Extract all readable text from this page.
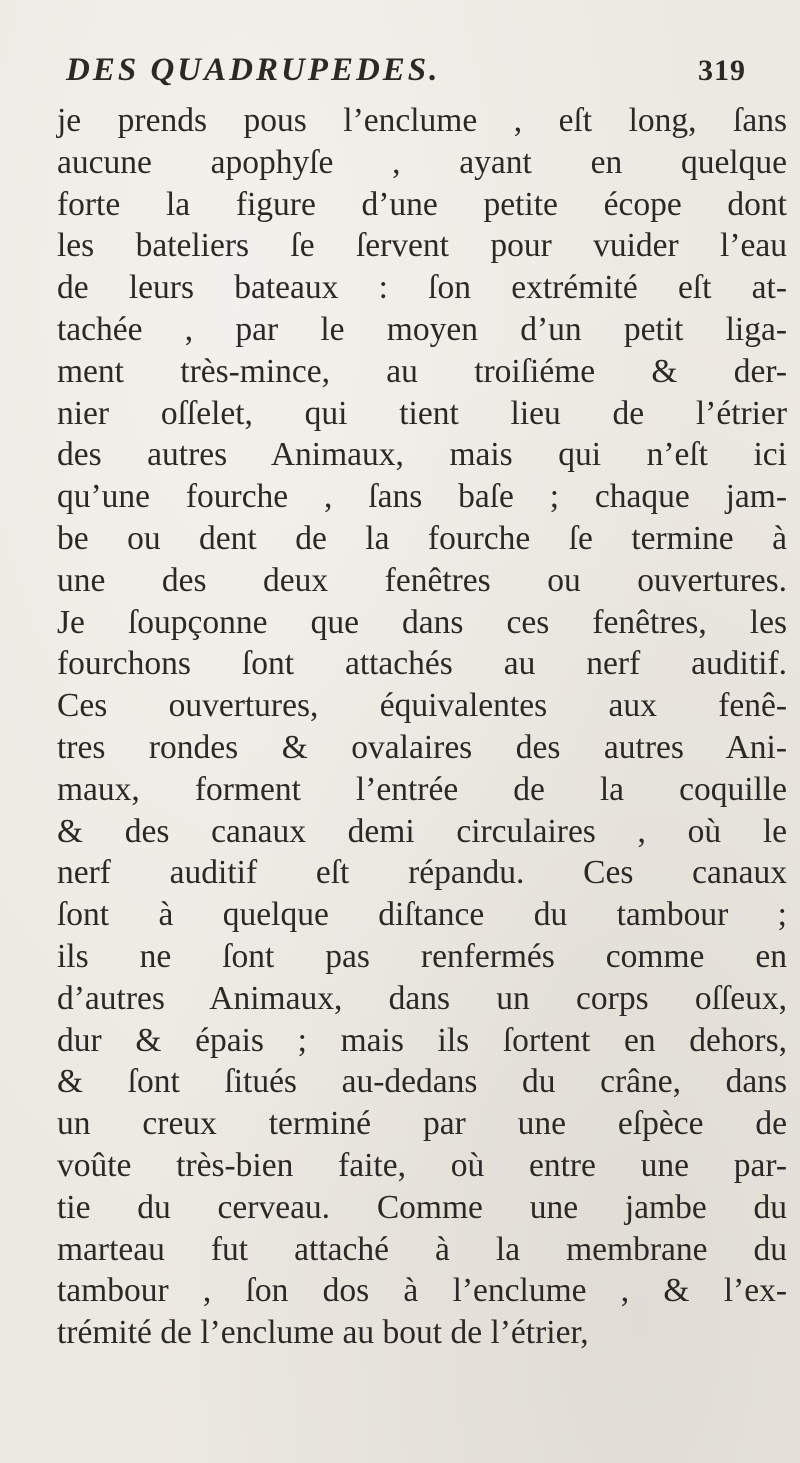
DES QUADRUPEDES.	319
je prends pous l’enclume , eſt long, ſans
aucune apophyſe , ayant en quelque
forte la figure d’une petite écope dont
les bateliers ſe ſervent pour vuider l’eau
de leurs bateaux : ſon extrémité eſt at-
tachée , par le moyen d’un petit liga-
ment très-mince, au troiſiéme & der-
nier oſſelet, qui tient lieu de l’étrier
des autres Animaux, mais qui n’eſt ici
qu’une fourche , ſans baſe ; chaque jam-
be ou dent de la fourche ſe termine à
une des deux fenêtres ou ouvertures.
Je ſoupçonne que dans ces fenêtres, les
fourchons ſont attachés au nerf auditif.
Ces ouvertures, équivalentes aux fenê-
tres rondes & ovalaires des autres Ani-
maux, forment l’entrée de la coquille
& des canaux demi circulaires , où le
nerf auditif eſt répandu. Ces canaux
ſont à quelque diſtance du tambour ;
ils ne ſont pas renfermés comme en
d’autres Animaux, dans un corps oſſeux,
dur & épais ; mais ils ſortent en dehors,
& ſont ſitués au-dedans du crâne, dans
un creux terminé par une eſpèce de
voûte très-bien faite, où entre une par-
tie du cerveau. Comme une jambe du
marteau fut attaché à la membrane du
tambour , ſon dos à l’enclume , & l’ex-
trémité de l’enclume au bout de l’étrier,
